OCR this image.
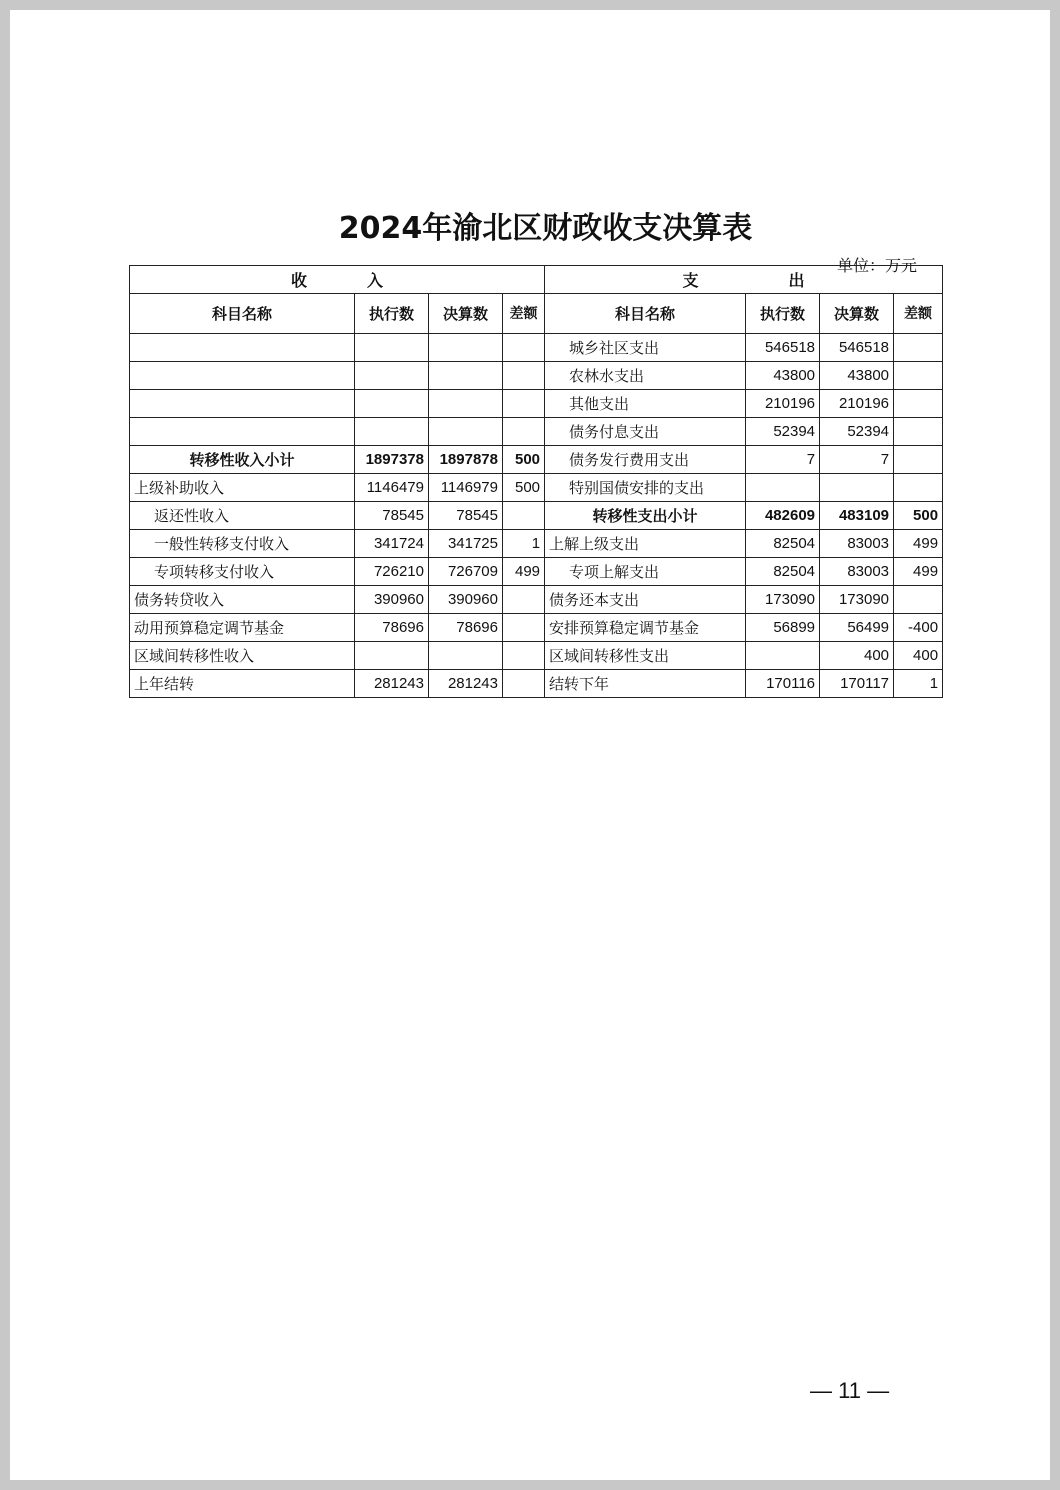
2024年渝北区财政收支决算表
单位：万元
收 入				支 出			
科目名称	执行数	决算数	差额	科目名称	执行数	决算数	差额
				城乡社区支出	546518	546518	
				农林水支出	43800	43800	
				其他支出	210196	210196	
				债务付息支出	52394	52394	
转移性收入小计	1897378	1897878	500	债务发行费用支出	7	7	
上级补助收入	1146479	1146979	500	特别国债安排的支出			
返还性收入	78545	78545		转移性支出小计	482609	483109	500
一般性转移支付收入	341724	341725	1	上解上级支出	82504	83003	499
专项转移支付收入	726210	726709	499	专项上解支出	82504	83003	499
债务转贷收入	390960	390960		债务还本支出	173090	173090	
动用预算稳定调节基金	78696	78696		安排预算稳定调节基金	56899	56499	-400
区域间转移性收入				区域间转移性支出		400	400
上年结转	281243	281243		结转下年	170116	170117	1
— 11 —
